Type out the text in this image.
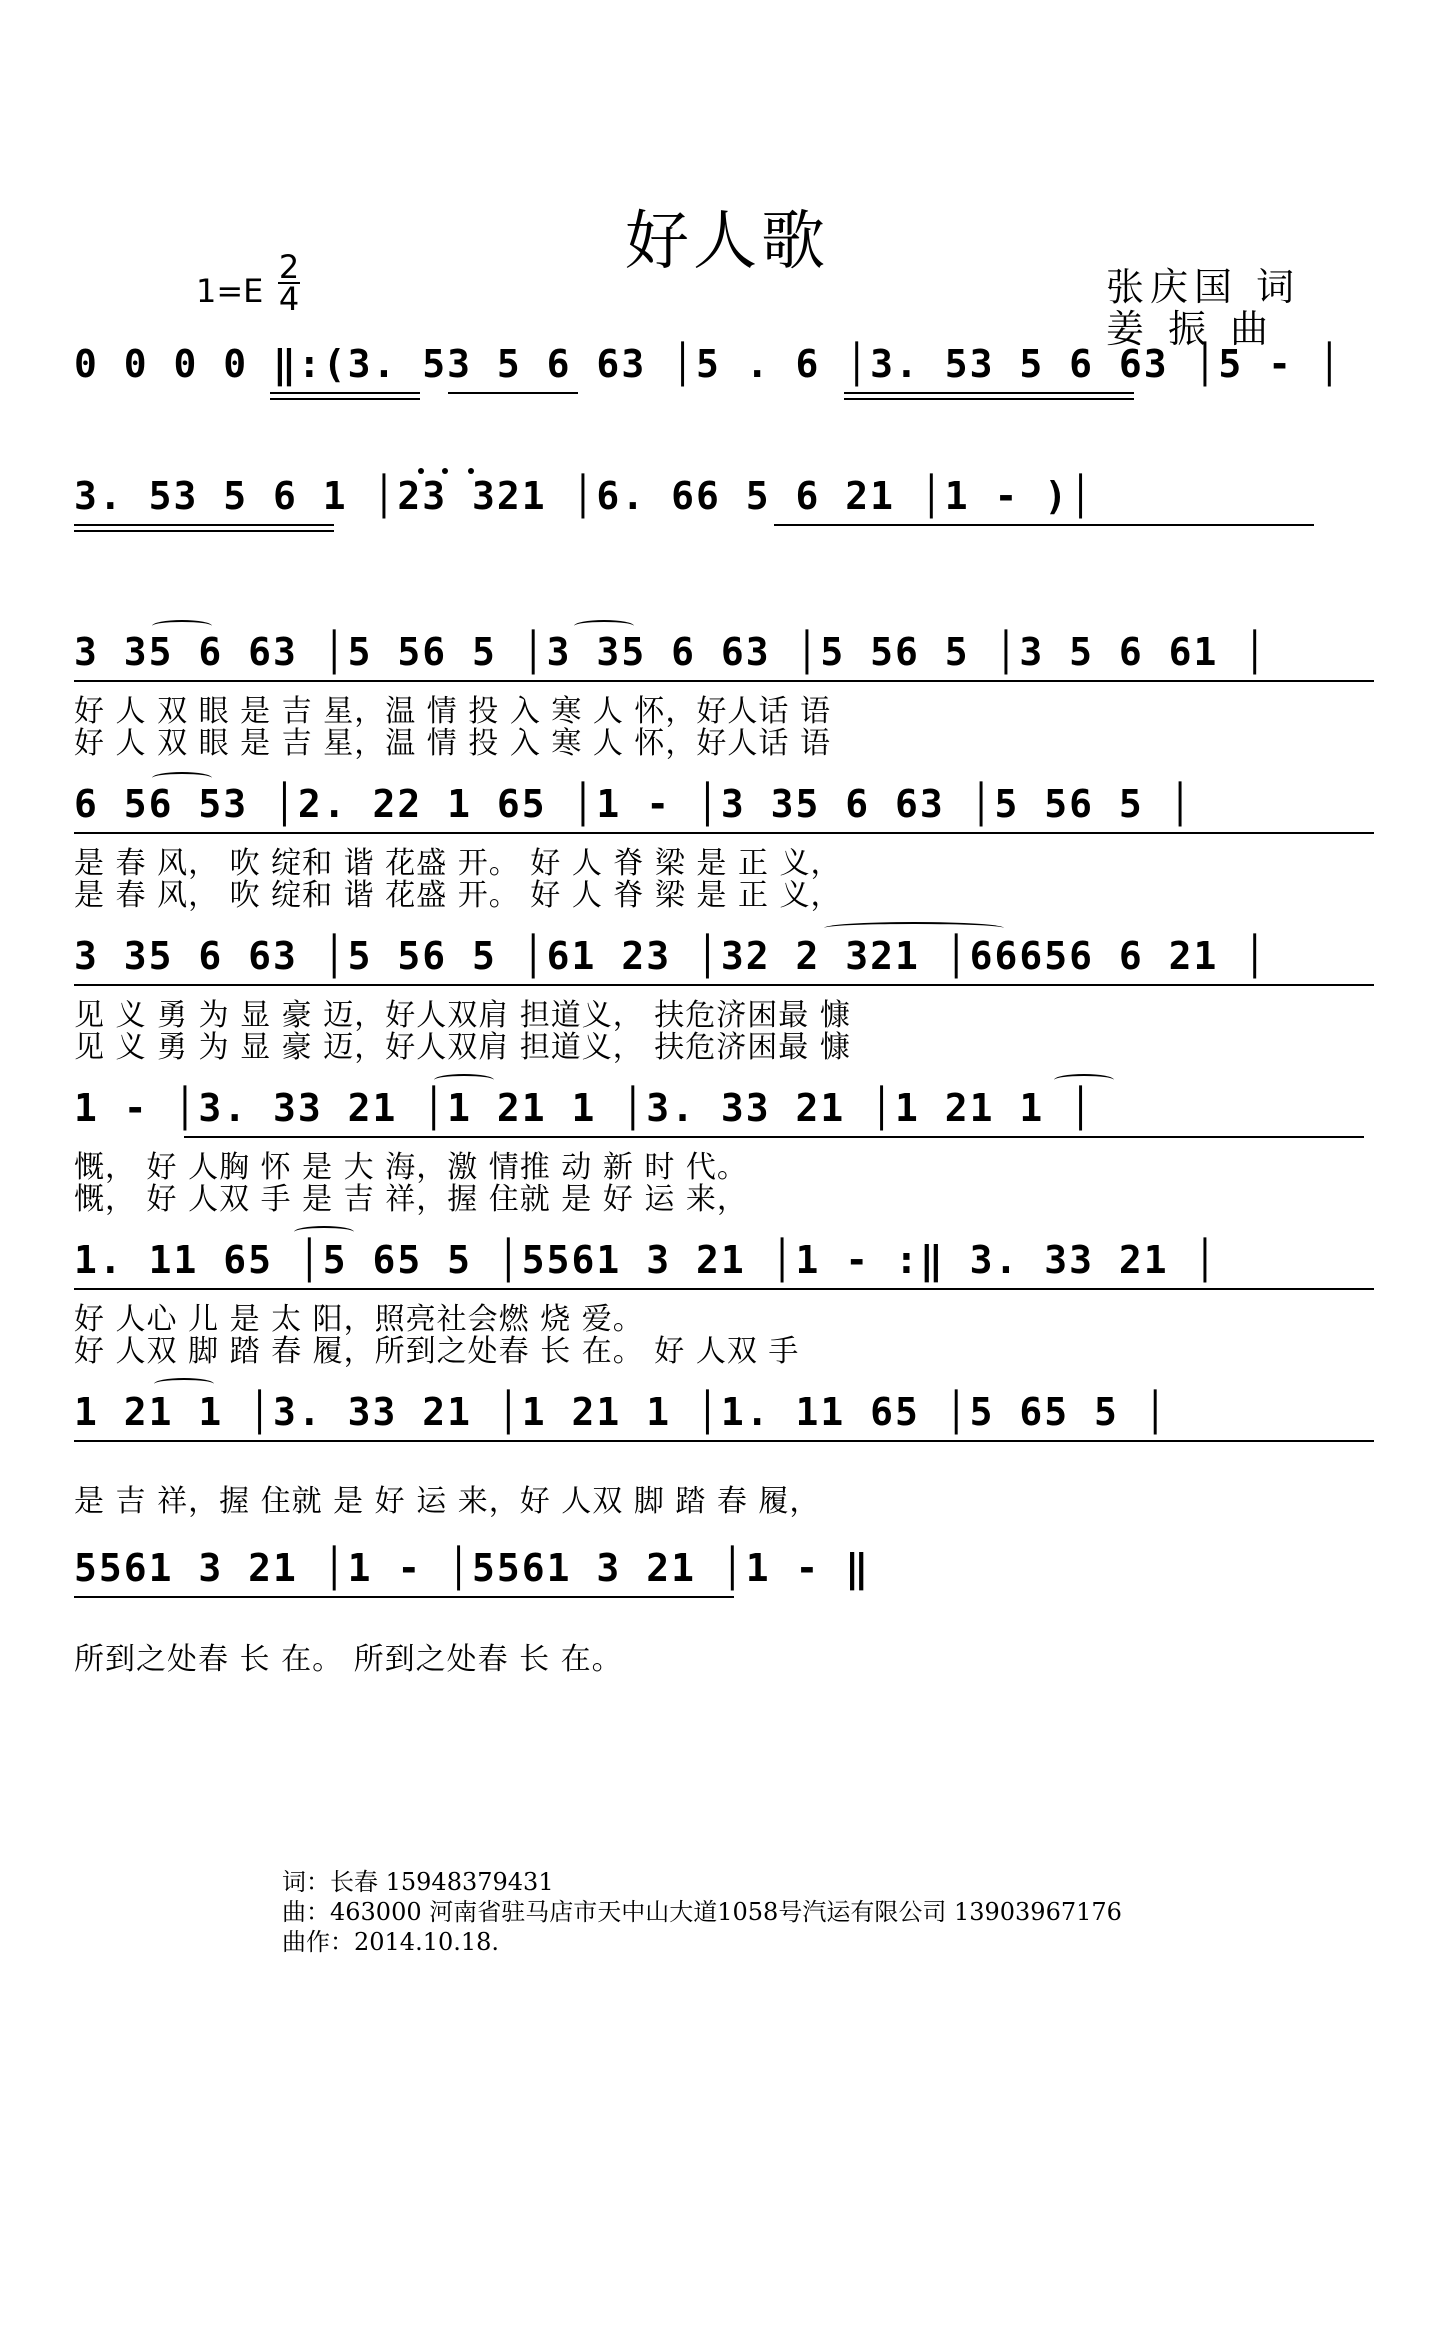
好人歌
1=E
2
4	张庆国 词
姜 振 曲
0 0 0 0 ‖:(3. 53 5 6 63 │5 . 6 │3. 53 5 6 63 │5 - │
3. 53 5 6 1 │23 321 │6. 66 5 6 21 │1 - )│
3 35 6 63 │5 56 5 │3 35 6 63 │5 56 5 │3 5 6 61 │
好 人 双 眼 是 吉 星，温 情 投 入 寒 人 怀，好人话 语
好 人 双 眼 是 吉 星，温 情 投 入 寒 人 怀，好人话 语
6 56 53 │2. 22 1 65 │1 - │3 35 6 63 │5 56 5 │
是 春 风， 吹 绽和 谐 花盛 开。 好 人 脊 梁 是 正 义，
是 春 风， 吹 绽和 谐 花盛 开。 好 人 脊 梁 是 正 义，
3 35 6 63 │5 56 5 │61 23 │32 2 321 │66656 6 21 │
见 义 勇 为 显 豪 迈，好人双肩 担道义， 扶危济困最 慷
见 义 勇 为 显 豪 迈，好人双肩 担道义， 扶危济困最 慷
1 - │3. 33 21 │1 21 1 │3. 33 21 │1 21 1 │
慨， 好 人胸 怀 是 大 海，激 情推 动 新 时 代。
慨， 好 人双 手 是 吉 祥，握 住就 是 好 运 来，
1. 11 65 │5 65 5 │5561 3 21 │1 - :‖ 3. 33 21 │
好 人心 儿 是 太 阳，照亮社会燃 烧 爱。
好 人双 脚 踏 春 履，所到之处春 长 在。 好 人双 手
1 21 1 │3. 33 21 │1 21 1 │1. 11 65 │5 65 5 │
是 吉 祥，握 住就 是 好 运 来，好 人双 脚 踏 春 履，
5561 3 21 │1 - │5561 3 21 │1 - ‖
所到之处春 长 在。 所到之处春 长 在。
词：长春 15948379431
曲：463000 河南省驻马店市天中山大道1058号汽运有限公司 13903967176
曲作：2014.10.18.
